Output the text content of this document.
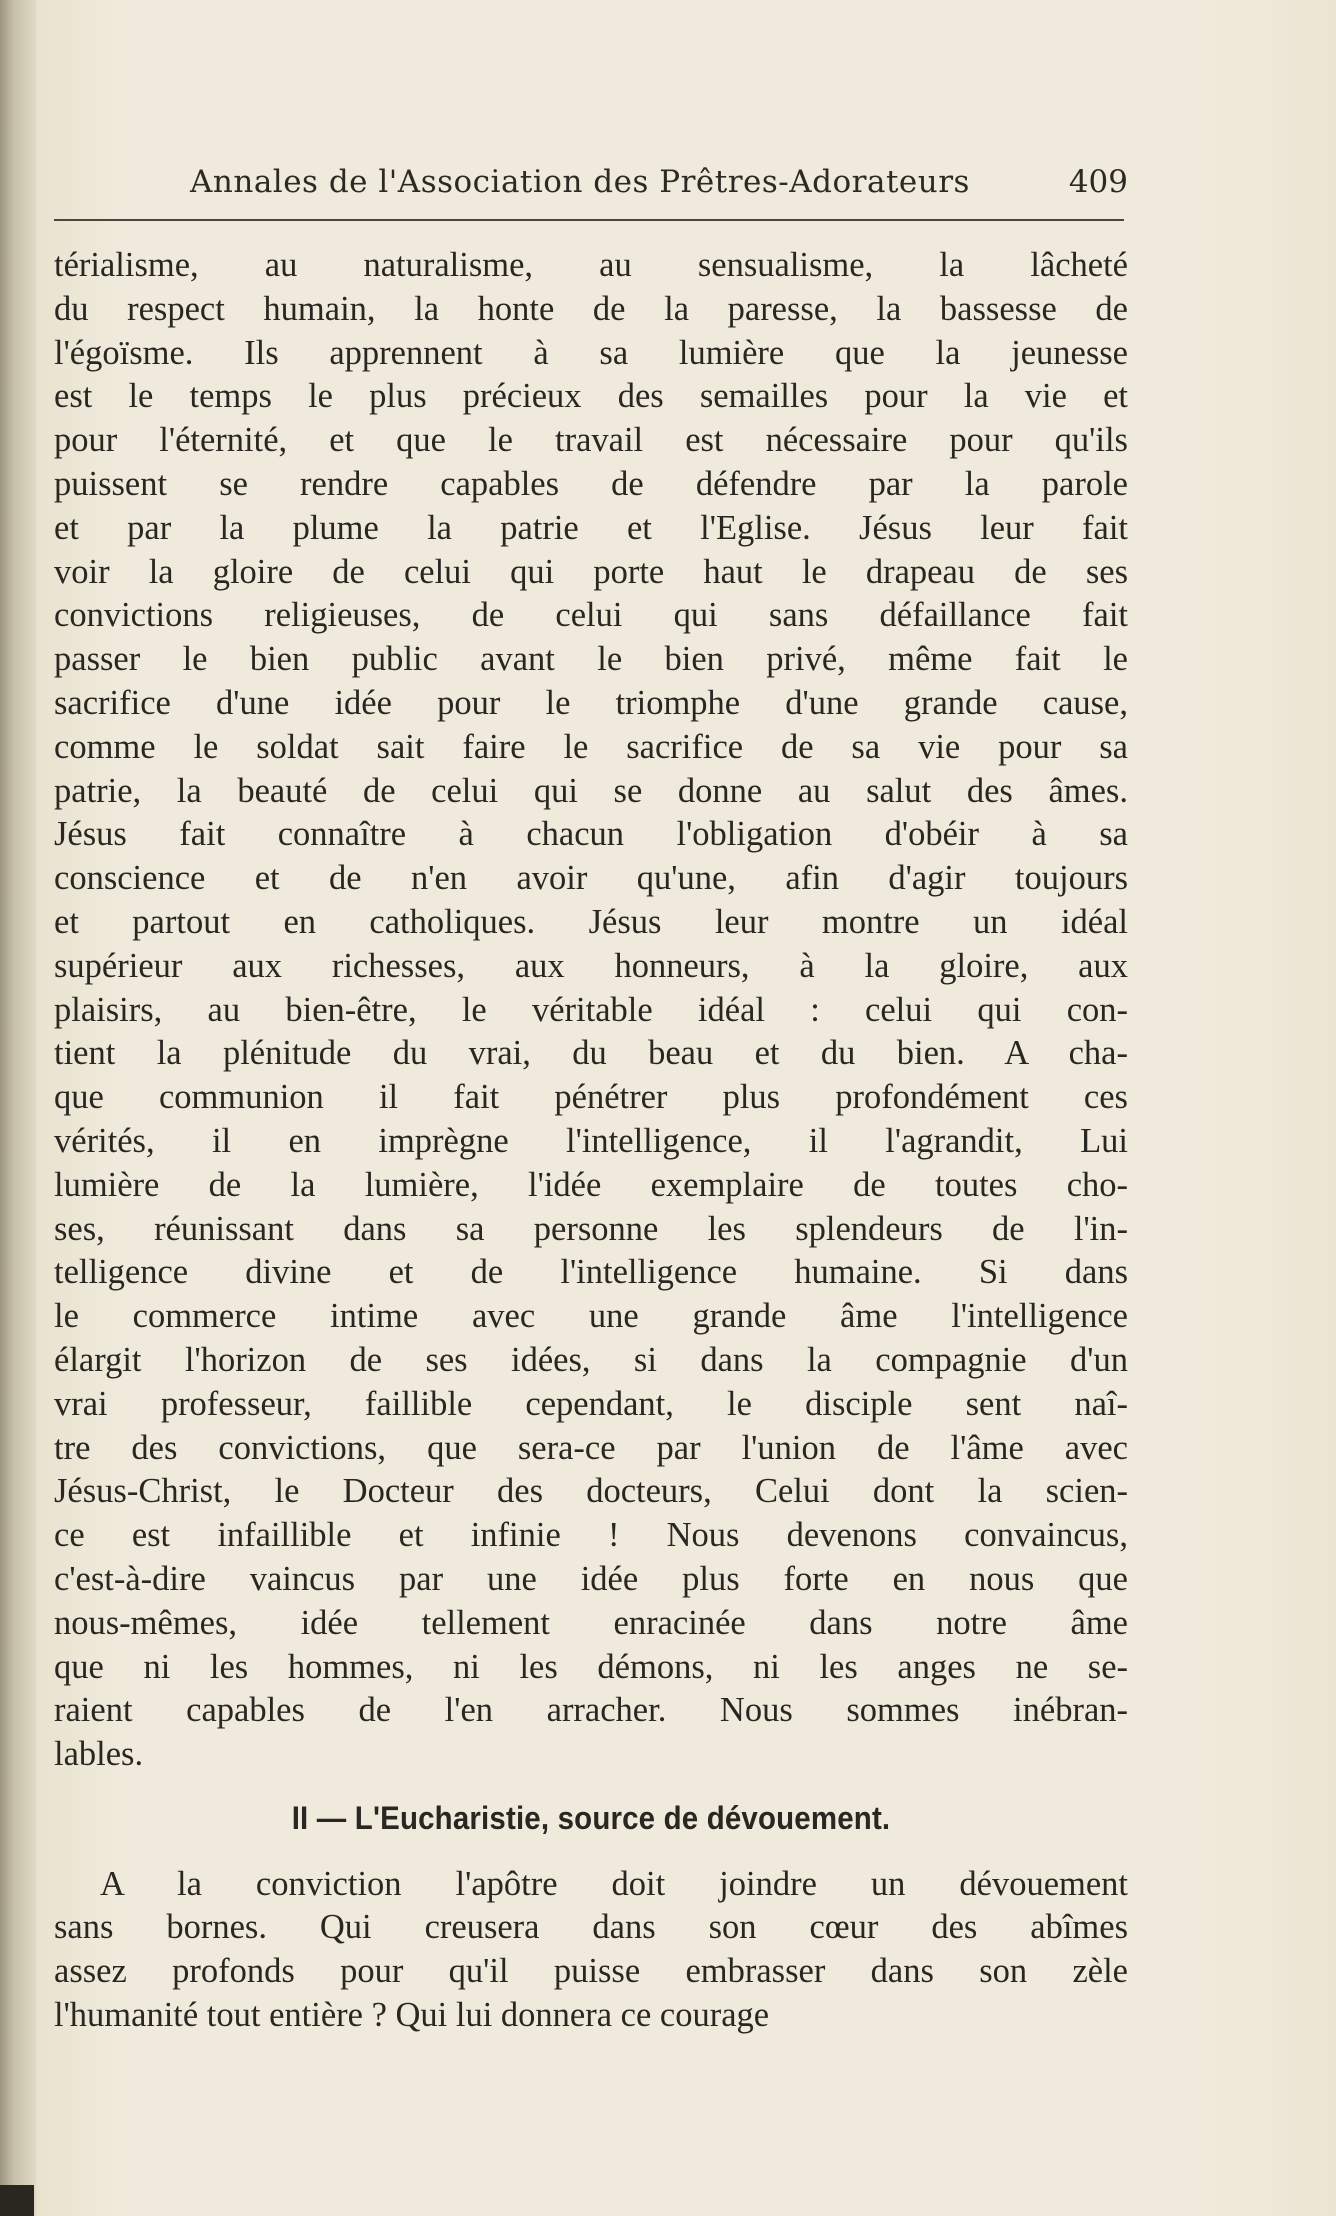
Annales de l'Association des Prêtres-Adorateurs	409
térialisme, au naturalisme, au sensualisme, la lâcheté
du respect humain, la honte de la paresse, la bassesse de
l'égoïsme. Ils apprennent à sa lumière que la jeunesse
est le temps le plus précieux des semailles pour la vie et
pour l'éternité, et que le travail est nécessaire pour qu'ils
puissent se rendre capables de défendre par la parole
et par la plume la patrie et l'Eglise. Jésus leur fait
voir la gloire de celui qui porte haut le drapeau de ses
convictions religieuses, de celui qui sans défaillance fait
passer le bien public avant le bien privé, même fait le
sacrifice d'une idée pour le triomphe d'une grande cause,
comme le soldat sait faire le sacrifice de sa vie pour sa
patrie, la beauté de celui qui se donne au salut des âmes.
Jésus fait connaître à chacun l'obligation d'obéir à sa
conscience et de n'en avoir qu'une, afin d'agir toujours
et partout en catholiques. Jésus leur montre un idéal
supérieur aux richesses, aux honneurs, à la gloire, aux
plaisirs, au bien-être, le véritable idéal : celui qui con-
tient la plénitude du vrai, du beau et du bien. A cha-
que communion il fait pénétrer plus profondément ces
vérités, il en imprègne l'intelligence, il l'agrandit, Lui
lumière de la lumière, l'idée exemplaire de toutes cho-
ses, réunissant dans sa personne les splendeurs de l'in-
telligence divine et de l'intelligence humaine. Si dans
le commerce intime avec une grande âme l'intelligence
élargit l'horizon de ses idées, si dans la compagnie d'un
vrai professeur, faillible cependant, le disciple sent naî-
tre des convictions, que sera-ce par l'union de l'âme avec
Jésus-Christ, le Docteur des docteurs, Celui dont la scien-
ce est infaillible et infinie ! Nous devenons convaincus,
c'est-à-dire vaincus par une idée plus forte en nous que
nous-mêmes, idée tellement enracinée dans notre âme
que ni les hommes, ni les démons, ni les anges ne se-
raient capables de l'en arracher. Nous sommes inébran-
lables.
II — L'Eucharistie, source de dévouement.
A la conviction l'apôtre doit joindre un dévouement
sans bornes. Qui creusera dans son cœur des abîmes
assez profonds pour qu'il puisse embrasser dans son zèle
l'humanité tout entière ? Qui lui donnera ce courage
